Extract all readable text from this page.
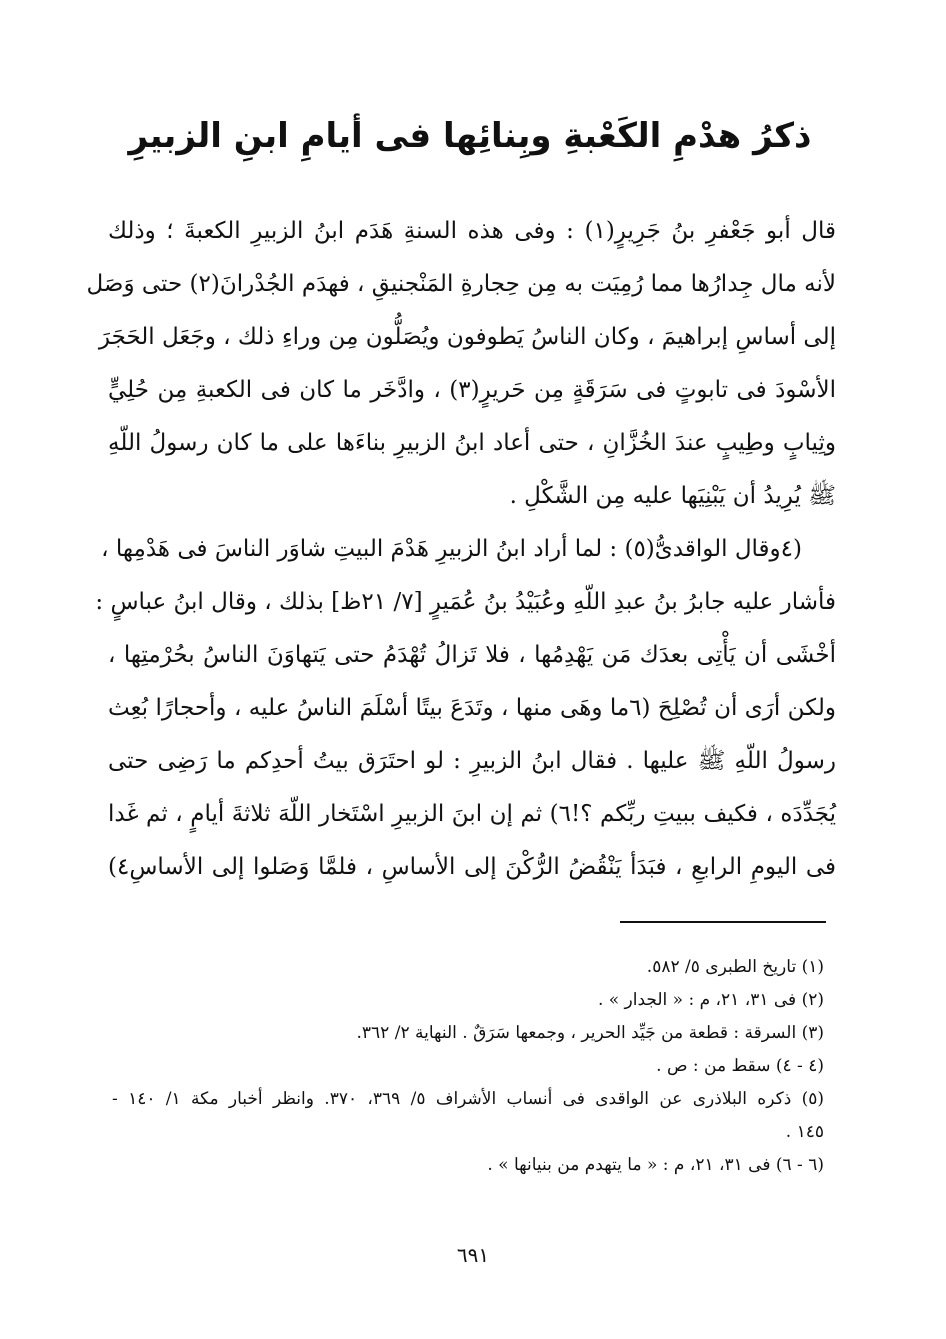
ذكرُ هدْمِ الكَعْبةِ وبِنائِها فى أيامِ ابنِ الزبيرِ
قال أبو جَعْفرِ بنُ جَرِيرٍ(١) : وفى هذه السنةِ هَدَم ابنُ الزبيرِ الكعبةَ ؛ وذلك
لأنه مال جِدارُها مما رُمِيَت به مِن حِجارةِ المَنْجنيقِ ، فهدَم الجُدْرانَ(٢) حتى وَصَل
إلى أساسِ إبراهيمَ ، وكان الناسُ يَطوفون ويُصَلُّون مِن وراءِ ذلك ، وجَعَل الحَجَرَ
الأسْودَ فى تابوتٍ فى سَرَقَةٍ مِن حَريرٍ(٣) ، وادَّخَر ما كان فى الكعبةِ مِن حُلِيٍّ
وثِيابٍ وطِيبٍ عندَ الخُزَّانِ ، حتى أعاد ابنُ الزبيرِ بناءَها على ما كان رسولُ اللّهِ
ﷺ يُرِيدُ أن يَبْنِيَها عليه مِن الشَّكْلِ .
(٤وقال الواقدىُّ(٥) : لما أراد ابنُ الزبيرِ هَدْمَ البيتِ شاوَر الناسَ فى هَدْمِها ،
فأشار عليه جابرُ بنُ عبدِ اللّهِ وعُبَيْدُ بنُ عُمَيرٍ [٧/ ٢١ظ] بذلك ، وقال ابنُ عباسٍ :
أخْشَى أن يَأْتِى بعدَك مَن يَهْدِمُها ، فلا تَزالُ تُهْدَمُ حتى يَتهاوَنَ الناسُ بحُرْمتِها ،
ولكن أرَى أن تُصْلِحَ (٦ما وهَى منها ، وتَدَعَ بيتًا أسْلَمَ الناسُ عليه ، وأحجارًا بُعِث
رسولُ اللّهِ ﷺ عليها . فقال ابنُ الزبيرِ : لو احتَرَق بيتُ أحدِكم ما رَضِى حتى
يُجَدِّدَه ، فكيف ببيتِ ربِّكم ؟!٦) ثم إن ابنَ الزبيرِ اسْتَخار اللّهَ ثلاثةَ أيامٍ ، ثم غَدا
فى اليومِ الرابعِ ، فبَدَأ يَنْقُضُ الرُّكْنَ إلى الأساسِ ، فلمَّا وَصَلوا إلى الأساسِ٤)
(١) تاريخ الطبرى ٥/ ٥٨٢.
(٢) فى ٣١، ٢١، م : « الجدار » .
(٣) السرقة : قطعة من جَيِّد الحرير ، وجمعها سَرَقٌ . النهاية ٢/ ٣٦٢.
(٤ - ٤) سقط من : ص .
(٥) ذكره البلاذرى عن الواقدى فى أنساب الأشراف ٥/ ٣٦٩، ٣٧٠. وانظر أخبار مكة ١/ ١٤٠ -
١٤٥ .
(٦ - ٦) فى ٣١، ٢١، م : « ما يتهدم من بنيانها » .
٦٩١
